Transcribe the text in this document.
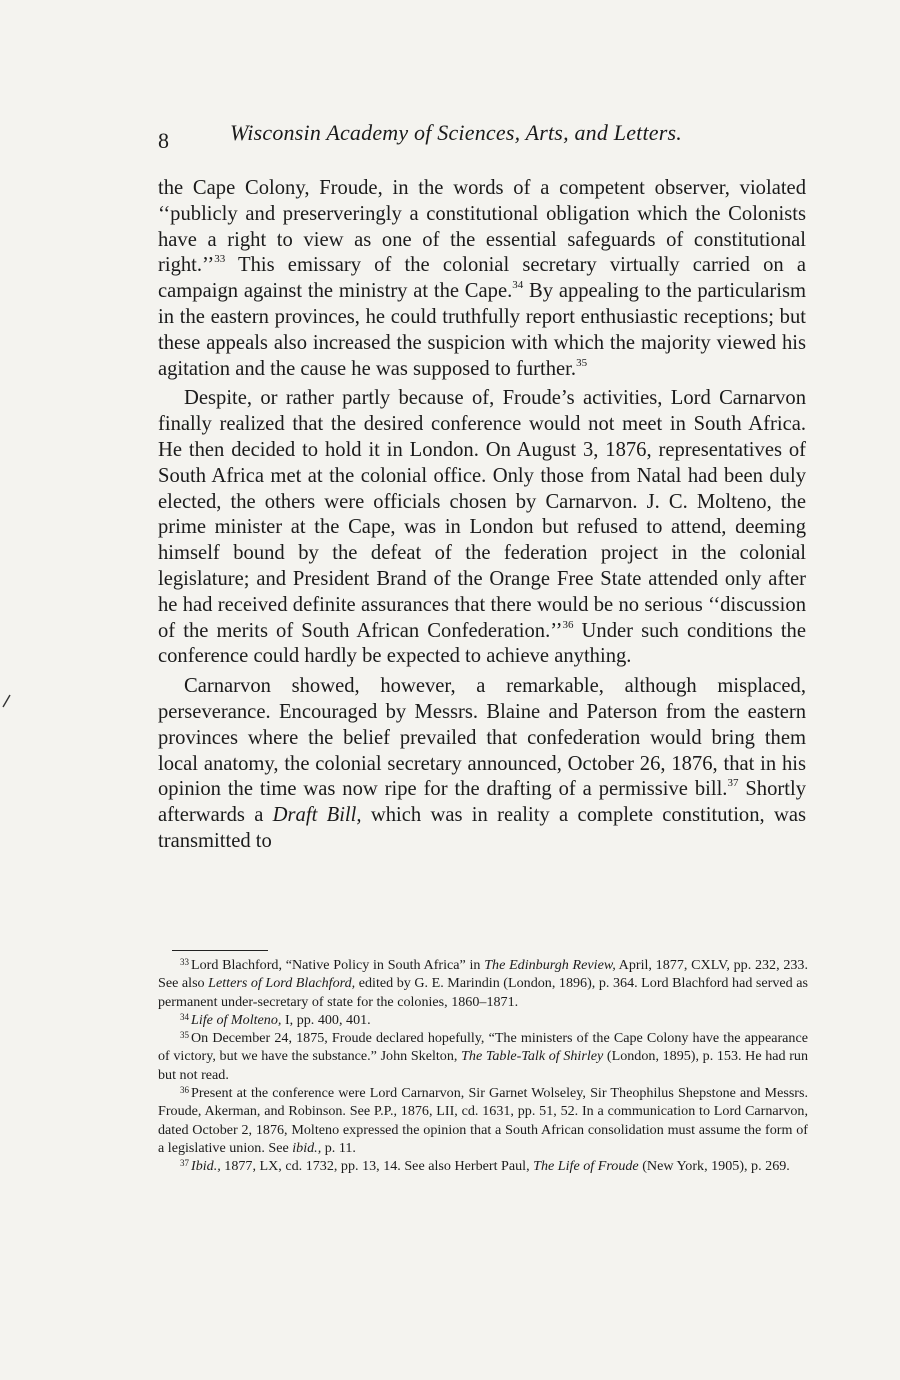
8	Wisconsin Academy of Sciences, Arts, and Letters.

the Cape Colony, Froude, in the words of a competent observer, violated ‘‘publicly and preserveringly a constitutional obligation which the Colonists have a right to view as one of the essential safeguards of constitutional right.’’$^{33}$ This emissary of the colonial secretary virtually carried on a campaign against the ministry at the Cape.$^{34}$ By appealing to the particularism in the eastern provinces, he could truthfully report enthusiastic receptions; but these appeals also increased the suspicion with which the majority viewed his agitation and the cause he was supposed to further.$^{35}$

Despite, or rather partly because of, Froude’s activities, Lord Carnarvon finally realized that the desired conference would not meet in South Africa. He then decided to hold it in London. On August 3, 1876, representatives of South Africa met at the colonial office. Only those from Natal had been duly elected, the others were officials chosen by Carnarvon. J. C. Molteno, the prime minister at the Cape, was in London but refused to attend, deeming himself bound by the defeat of the federation project in the colonial legislature; and President Brand of the Orange Free State attended only after he had received definite assurances that there would be no serious ‘‘discussion of the merits of South African Confederation.’’$^{36}$ Under such conditions the conference could hardly be expected to achieve anything.

Carnarvon showed, however, a remarkable, although misplaced, perseverance. Encouraged by Messrs. Blaine and Paterson from the eastern provinces where the belief prevailed that confederation would bring them local anatomy, the colonial secretary announced, October 26, 1876, that in his opinion the time was now ripe for the drafting of a permissive bill.$^{37}$ Shortly afterwards a Draft Bill, which was in reality a complete constitution, was transmitted to

$^{33}$ Lord Blachford, “Native Policy in South Africa” in The Edinburgh Review, April, 1877, CXLV, pp. 232, 233. See also Letters of Lord Blachford, edited by G. E. Marindin (London, 1896), p. 364. Lord Blachford had served as permanent under-secretary of state for the colonies, 1860–1871.

$^{34}$ Life of Molteno, I, pp. 400, 401.

$^{35}$ On December 24, 1875, Froude declared hopefully, “The ministers of the Cape Colony have the appearance of victory, but we have the substance.” John Skelton, The Table-Talk of Shirley (London, 1895), p. 153. He had run but not read.

$^{36}$ Present at the conference were Lord Carnarvon, Sir Garnet Wolseley, Sir Theophilus Shepstone and Messrs. Froude, Akerman, and Robinson. See P.P., 1876, LII, cd. 1631, pp. 51, 52. In a communication to Lord Carnarvon, dated October 2, 1876, Molteno expressed the opinion that a South African consolidation must assume the form of a legislative union. See ibid., p. 11.

$^{37}$ Ibid., 1877, LX, cd. 1732, pp. 13, 14. See also Herbert Paul, The Life of Froude (New York, 1905), p. 269.
